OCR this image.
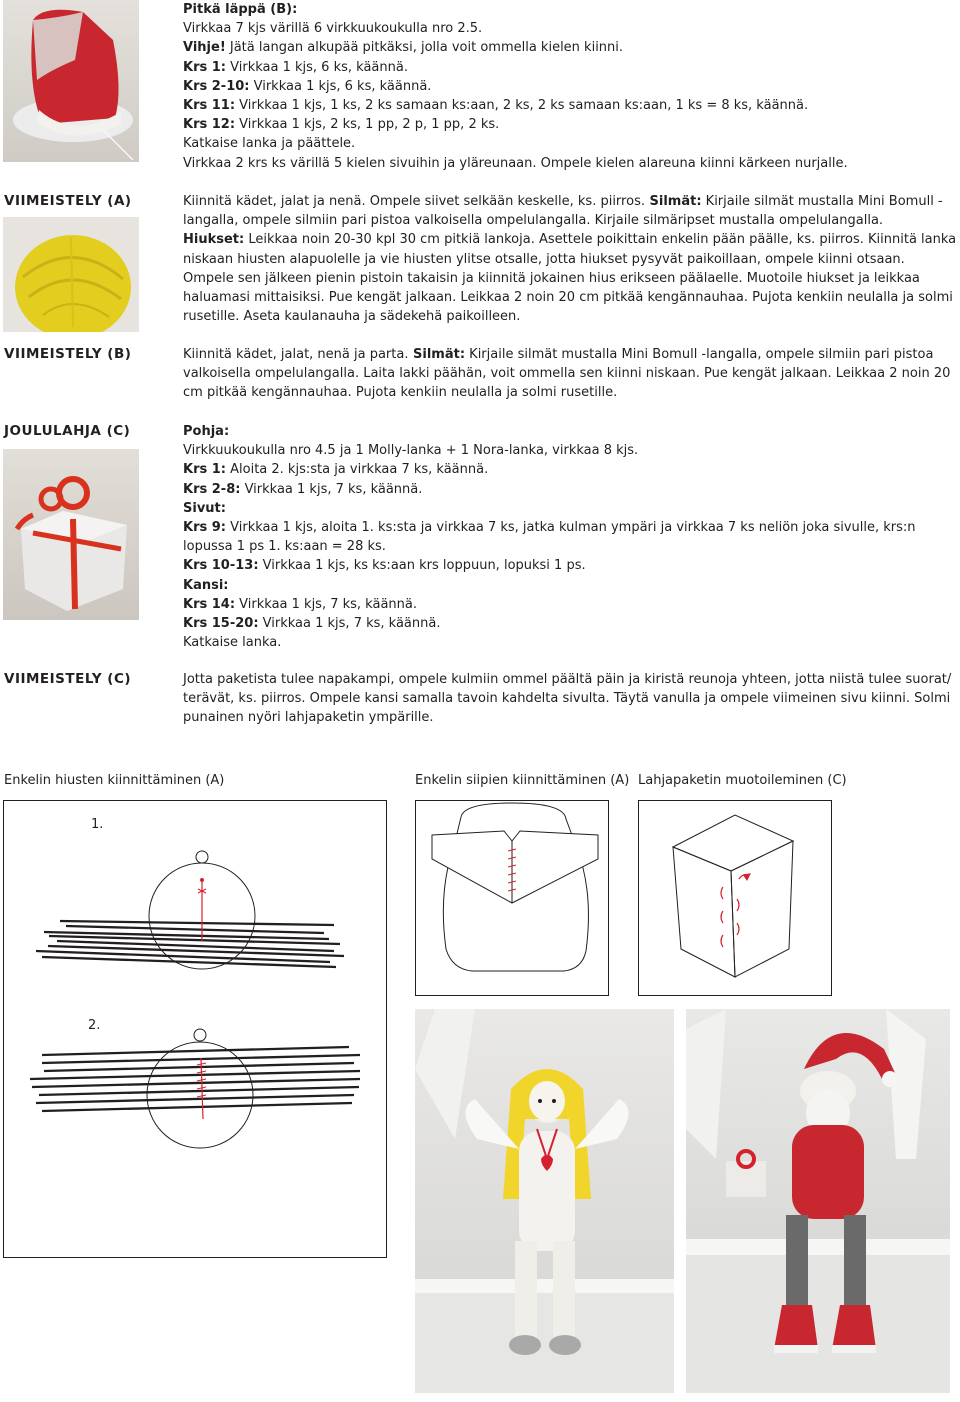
VIIMEISTELY (A)
VIIMEISTELY (B)
JOULULAHJA (C)
VIIMEISTELY (C)

Pitkä läppä (B):

Virkkaa 7 kjs värillä 6 virkkuukoukulla nro 2.5.

Vihje! Jätä langan alkupää pitkäksi, jolla voit ommella kielen kiinni.

Krs 1: Virkkaa 1 kjs, 6 ks, käännä.

Krs 2-10: Virkkaa 1 kjs, 6 ks, käännä.

Krs 11: Virkkaa 1 kjs, 1 ks, 2 ks samaan ks:aan, 2 ks, 2 ks samaan ks:aan, 1 ks = 8 ks, käännä.

Krs 12: Virkkaa 1 kjs, 2 ks, 1 pp, 2 p, 1 pp, 2 ks.

Katkaise lanka ja päättele.

Virkkaa 2 krs ks värillä 5 kielen sivuihin ja yläreunaan. Ompele kielen alareuna kiinni kärkeen nurjalle.

Kiinnitä kädet, jalat ja nenä. Ompele siivet selkään keskelle, ks. piirros. Silmät: Kirjaile silmät mustalla Mini Bomull -langalla, ompele silmiin pari pistoa valkoisella ompelulangalla. Kirjaile silmäripset mustalla ompelulangalla.

Hiukset: Leikkaa noin 20-30 kpl 30 cm pitkiä lankoja. Asettele poikittain enkelin pään päälle, ks. piirros. Kiinnitä lanka niskaan hiusten alapuolelle ja vie hiusten ylitse otsalle, jotta hiukset pysyvät paikoillaan, ompele kiinni otsaan. Ompele sen jälkeen pienin pistoin takaisin ja kiinnitä jokainen hius erikseen päälaelle. Muotoile hiukset ja leikkaa haluamasi mittaisiksi. Pue kengät jalkaan. Leikkaa 2 noin 20 cm pitkää kengännauhaa. Pujota kenkiin neulalla ja solmi rusetille. Aseta kaulanauha ja sädekehä paikoilleen.

Kiinnitä kädet, jalat, nenä ja parta. Silmät: Kirjaile silmät mustalla Mini Bomull -langalla, ompele silmiin pari pistoa valkoisella ompelulangalla. Laita lakki päähän, voit ommella sen kiinni niskaan. Pue kengät jalkaan. Leikkaa 2 noin 20 cm pitkää kengännauhaa. Pujota kenkiin neulalla ja solmi rusetille.

Pohja:

Virkkuukoukulla nro 4.5 ja 1 Molly-lanka + 1 Nora-lanka, virkkaa 8 kjs.

Krs 1: Aloita 2. kjs:sta ja virkkaa 7 ks, käännä.

Krs 2-8: Virkkaa 1 kjs, 7 ks, käännä.

Sivut:

Krs 9: Virkkaa 1 kjs, aloita 1. ks:sta ja virkkaa 7 ks, jatka kulman ympäri ja virkkaa 7 ks neliön joka sivulle, krs:n lopussa 1 ps 1. ks:aan = 28 ks.

Krs 10-13: Virkkaa 1 kjs, ks ks:aan krs loppuun, lopuksi 1 ps.

Kansi:

Krs 14: Virkkaa 1 kjs, 7 ks, käännä.

Krs 15-20: Virkkaa 1 kjs, 7 ks, käännä.

Katkaise lanka.

Jotta paketista tulee napakampi, ompele kulmiin ommel päältä päin ja kiristä reunoja yhteen, jotta niistä tulee suorat/ terävät, ks. piirros. Ompele kansi samalla tavoin kahdelta sivulta. Täytä vanulla ja ompele viimeinen sivu kiinni. Solmi punainen nyöri lahjapaketin ympärille.

Enkelin hiusten kiinnittäminen (A)	Enkelin siipien kiinnittäminen (A) Lahjapaketin muotoileminen (C)
1.
2.
